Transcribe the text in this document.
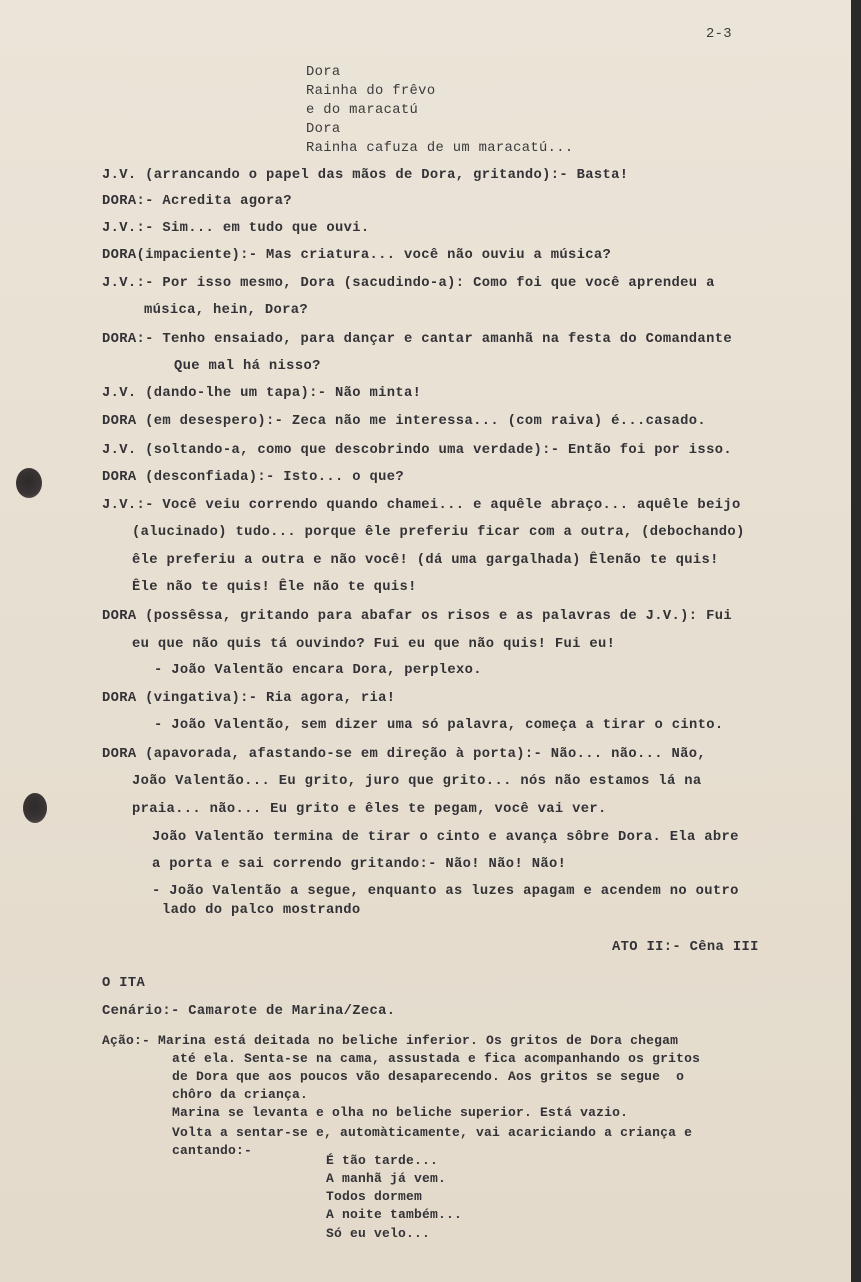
2-3
Dora
Rainha do frêvo
e do maracatú
Dora
Rainha cafuza de um maracatú...
J.V. (arrancando o papel das mãos de Dora, gritando):- Basta!
DORA:- Acredita agora?
J.V.:- Sim... em tudo que ouvi.
DORA(impaciente):- Mas criatura... você não ouviu a música?
J.V.:- Por isso mesmo, Dora (sacudindo-a): Como foi que você aprendeu a
música, hein, Dora?
DORA:- Tenho ensaiado, para dançar e cantar amanhã na festa do Comandante
Que mal há nisso?
J.V. (dando-lhe um tapa):- Não minta!
DORA (em desespero):- Zeca não me interessa... (com raiva) é...casado.
J.V. (soltando-a, como que descobrindo uma verdade):- Então foi por isso.
DORA (desconfiada):- Isto... o que?
J.V.:- Você veiu correndo quando chamei... e aquêle abraço... aquêle beijo
(alucinado) tudo... porque êle preferiu ficar com a outra, (debochando)
êle preferiu a outra e não você! (dá uma gargalhada) Êlenão te quis!
Êle não te quis! Êle não te quis!
DORA (possêssa, gritando para abafar os risos e as palavras de J.V.): Fui
eu que não quis tá ouvindo? Fui eu que não quis! Fui eu!
- João Valentão encara Dora, perplexo.
DORA (vingativa):- Ria agora, ria!
- João Valentão, sem dizer uma só palavra, começa a tirar o cinto.
DORA (apavorada, afastando-se em direção à porta):- Não... não... Não,
João Valentão... Eu grito, juro que grito... nós não estamos lá na
praia... não... Eu grito e êles te pegam, você vai ver.
João Valentão termina de tirar o cinto e avança sôbre Dora. Ela abre
a porta e sai correndo gritando:- Não! Não! Não!
- João Valentão a segue, enquanto as luzes apagam e acendem no outro
lado do palco mostrando
ATO II:- Cêna III
O ITA
Cenário:- Camarote de Marina/Zeca.
Ação:- Marina está deitada no beliche inferior. Os gritos de Dora chegam
até ela. Senta-se na cama, assustada e fica acompanhando os gritos
de Dora que aos poucos vão desaparecendo. Aos gritos se segue  o
chôro da criança.
Marina se levanta e olha no beliche superior. Está vazio.
Volta a sentar-se e, automàticamente, vai acariciando a criança e
cantando:-
É tão tarde...
A manhã já vem.
Todos dormem
A noite também...
Só eu velo...
